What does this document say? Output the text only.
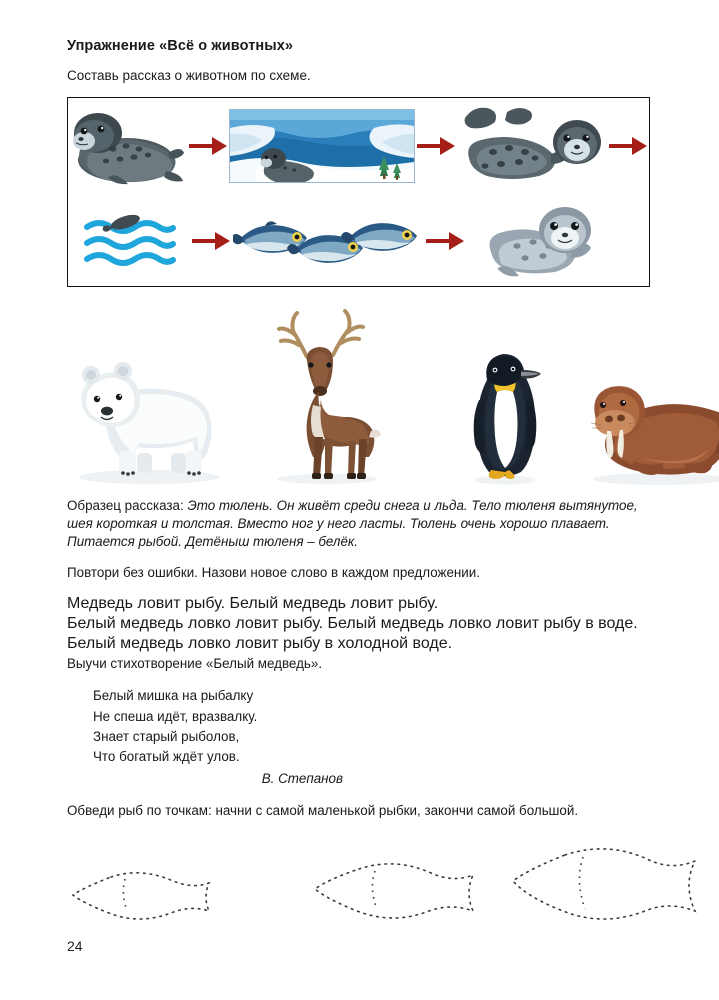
Упражнение «Всё о животных»

Составь рассказ о животном по схеме.

Образец рассказа: Это тюлень. Он живёт среди снега и льда. Тело тюленя вытянутое, шея короткая и толстая. Вместо ног у него ласты. Тюлень очень хорошо плавает. Питается рыбой. Детёныш тюленя – белёк.

Повтори без ошибки. Назови новое слово в каждом предложении.

Медведь ловит рыбу. Белый медведь ловит рыбу.

Белый медведь ловко ловит рыбу. Белый медведь ловко ловит рыбу в воде.

Белый медведь ловко ловит рыбу в холодной воде.

Выучи стихотворение «Белый медведь».

Белый мишка на рыбалку

Не спеша идёт, вразвалку.

Знает старый рыболов,

Что богатый ждёт улов.

В. Степанов

Обведи рыб по точкам: начни с самой маленькой рыбки, закончи самой большой.

24
